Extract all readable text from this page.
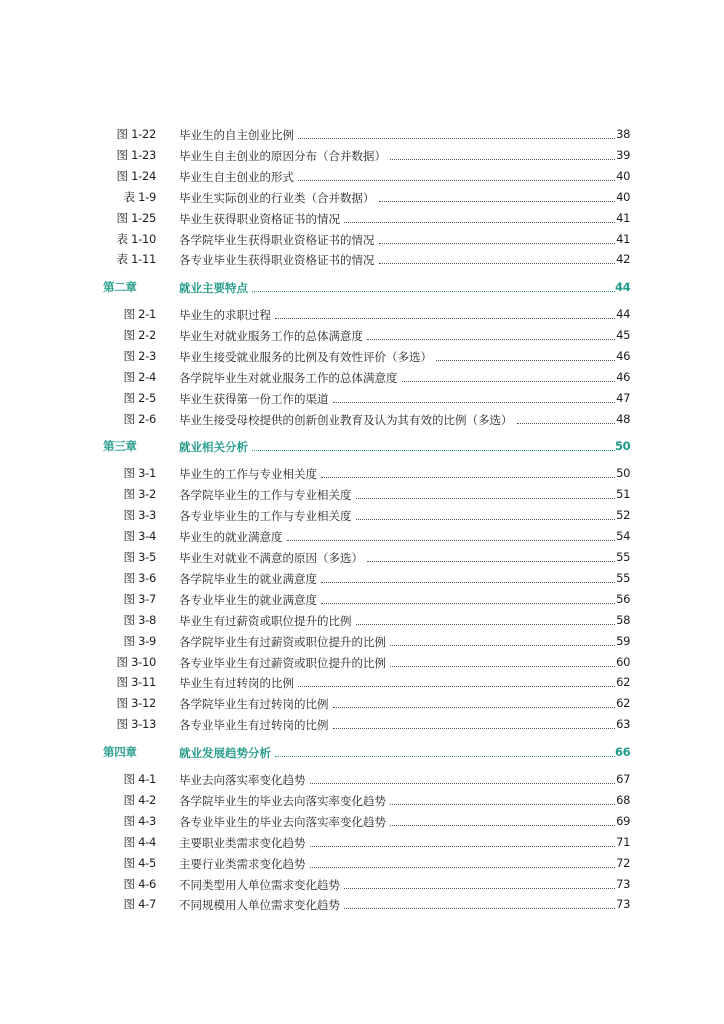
图 1-22 毕业生的自主创业比例	38
图 1-23 毕业生自主创业的原因分布（合并数据）	39
图 1-24 毕业生自主创业的形式	40
表 1-9 毕业生实际创业的行业类（合并数据）	40
图 1-25 毕业生获得职业资格证书的情况	41
表 1-10 各学院毕业生获得职业资格证书的情况	41
表 1-11 各专业毕业生获得职业资格证书的情况	42
第二章	就业主要特点	44
图 2-1 毕业生的求职过程	44
图 2-2 毕业生对就业服务工作的总体满意度	45
图 2-3 毕业生接受就业服务的比例及有效性评价（多选）	46
图 2-4 各学院毕业生对就业服务工作的总体满意度	46
图 2-5 毕业生获得第一份工作的渠道	47
图 2-6 毕业生接受母校提供的创新创业教育及认为其有效的比例（多选）	48
第三章	就业相关分析	50
图 3-1 毕业生的工作与专业相关度	50
图 3-2 各学院毕业生的工作与专业相关度	51
图 3-3 各专业毕业生的工作与专业相关度	52
图 3-4 毕业生的就业满意度	54
图 3-5 毕业生对就业不满意的原因（多选）	55
图 3-6 各学院毕业生的就业满意度	55
图 3-7 各专业毕业生的就业满意度	56
图 3-8 毕业生有过薪资或职位提升的比例	58
图 3-9 各学院毕业生有过薪资或职位提升的比例	59
图 3-10 各专业毕业生有过薪资或职位提升的比例	60
图 3-11 毕业生有过转岗的比例	62
图 3-12 各学院毕业生有过转岗的比例	62
图 3-13 各专业毕业生有过转岗的比例	63
第四章	就业发展趋势分析	66
图 4-1 毕业去向落实率变化趋势	67
图 4-2 各学院毕业生的毕业去向落实率变化趋势	68
图 4-3 各专业毕业生的毕业去向落实率变化趋势	69
图 4-4 主要职业类需求变化趋势	71
图 4-5 主要行业类需求变化趋势	72
图 4-6 不同类型用人单位需求变化趋势	73
图 4-7 不同规模用人单位需求变化趋势	73
